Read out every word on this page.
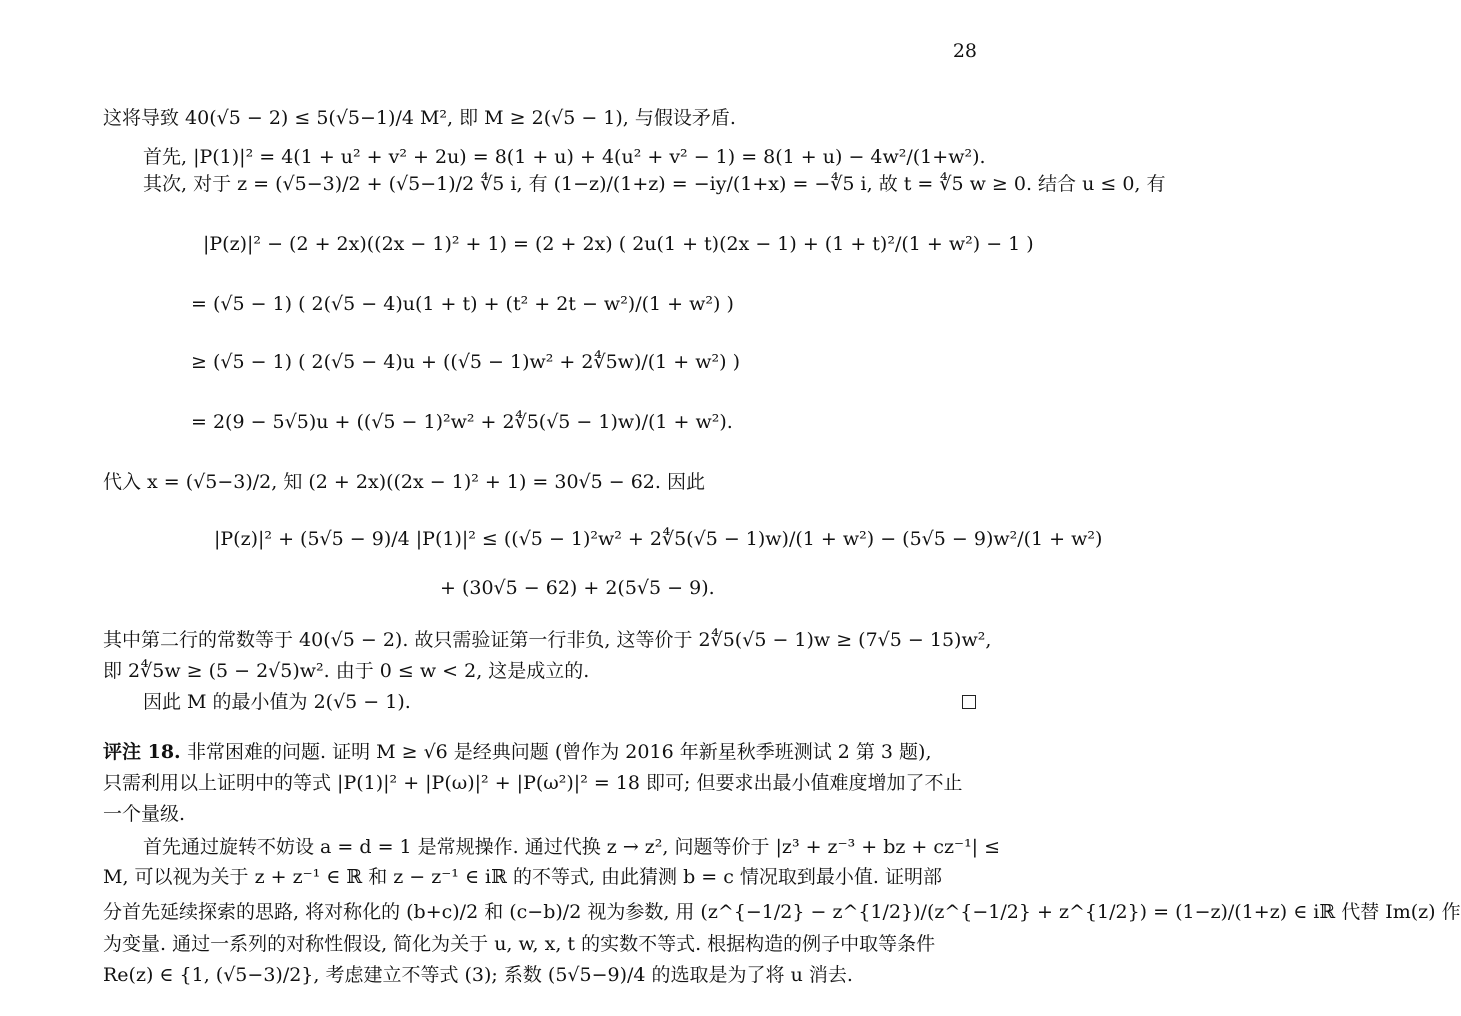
28
这将导致 40(√5 − 2) ≤ 5(√5−1)/4 M², 即 M ≥ 2(√5 − 1), 与假设矛盾.
首先, |P(1)|² = 4(1 + u² + v² + 2u) = 8(1 + u) + 4(u² + v² − 1) = 8(1 + u) − 4w²/(1+w²).
其次, 对于 z = (√5−3)/2 + (√5−1)/2 ∜5 i, 有 (1−z)/(1+z) = −iy/(1+x) = −∜5 i, 故 t = ∜5 w ≥ 0. 结合 u ≤ 0, 有
|P(z)|² − (2 + 2x)((2x − 1)² + 1) = (2 + 2x) ( 2u(1 + t)(2x − 1) + (1 + t)²/(1 + w²) − 1 )
= (√5 − 1) ( 2(√5 − 4)u(1 + t) + (t² + 2t − w²)/(1 + w²) )
≥ (√5 − 1) ( 2(√5 − 4)u + ((√5 − 1)w² + 2∜5w)/(1 + w²) )
= 2(9 − 5√5)u + ((√5 − 1)²w² + 2∜5(√5 − 1)w)/(1 + w²).
代入 x = (√5−3)/2, 知 (2 + 2x)((2x − 1)² + 1) = 30√5 − 62. 因此
|P(z)|² + (5√5 − 9)/4 |P(1)|² ≤ ((√5 − 1)²w² + 2∜5(√5 − 1)w)/(1 + w²) − (5√5 − 9)w²/(1 + w²)
+ (30√5 − 62) + 2(5√5 − 9).
其中第二行的常数等于 40(√5 − 2). 故只需验证第一行非负, 这等价于 2∜5(√5 − 1)w ≥ (7√5 − 15)w²,
即 2∜5w ≥ (5 − 2√5)w². 由于 0 ≤ w < 2, 这是成立的.
因此 M 的最小值为 2(√5 − 1).
评注 18. 非常困难的问题. 证明 M ≥ √6 是经典问题 (曾作为 2016 年新星秋季班测试 2 第 3 题),
只需利用以上证明中的等式 |P(1)|² + |P(ω)|² + |P(ω²)|² = 18 即可; 但要求出最小值难度增加了不止
一个量级.
首先通过旋转不妨设 a = d = 1 是常规操作. 通过代换 z → z², 问题等价于 |z³ + z⁻³ + bz + cz⁻¹| ≤
M, 可以视为关于 z + z⁻¹ ∈ ℝ 和 z − z⁻¹ ∈ iℝ 的不等式, 由此猜测 b = c 情况取到最小值. 证明部
分首先延续探索的思路, 将对称化的 (b+c)/2 和 (c−b)/2 视为参数, 用 (z^{−1/2} − z^{1/2})/(z^{−1/2} + z^{1/2}) = (1−z)/(1+z) ∈ iℝ 代替 Im(z) 作
为变量. 通过一系列的对称性假设, 简化为关于 u, w, x, t 的实数不等式. 根据构造的例子中取等条件
Re(z) ∈ {1, (√5−3)/2}, 考虑建立不等式 (3); 系数 (5√5−9)/4 的选取是为了将 u 消去.
